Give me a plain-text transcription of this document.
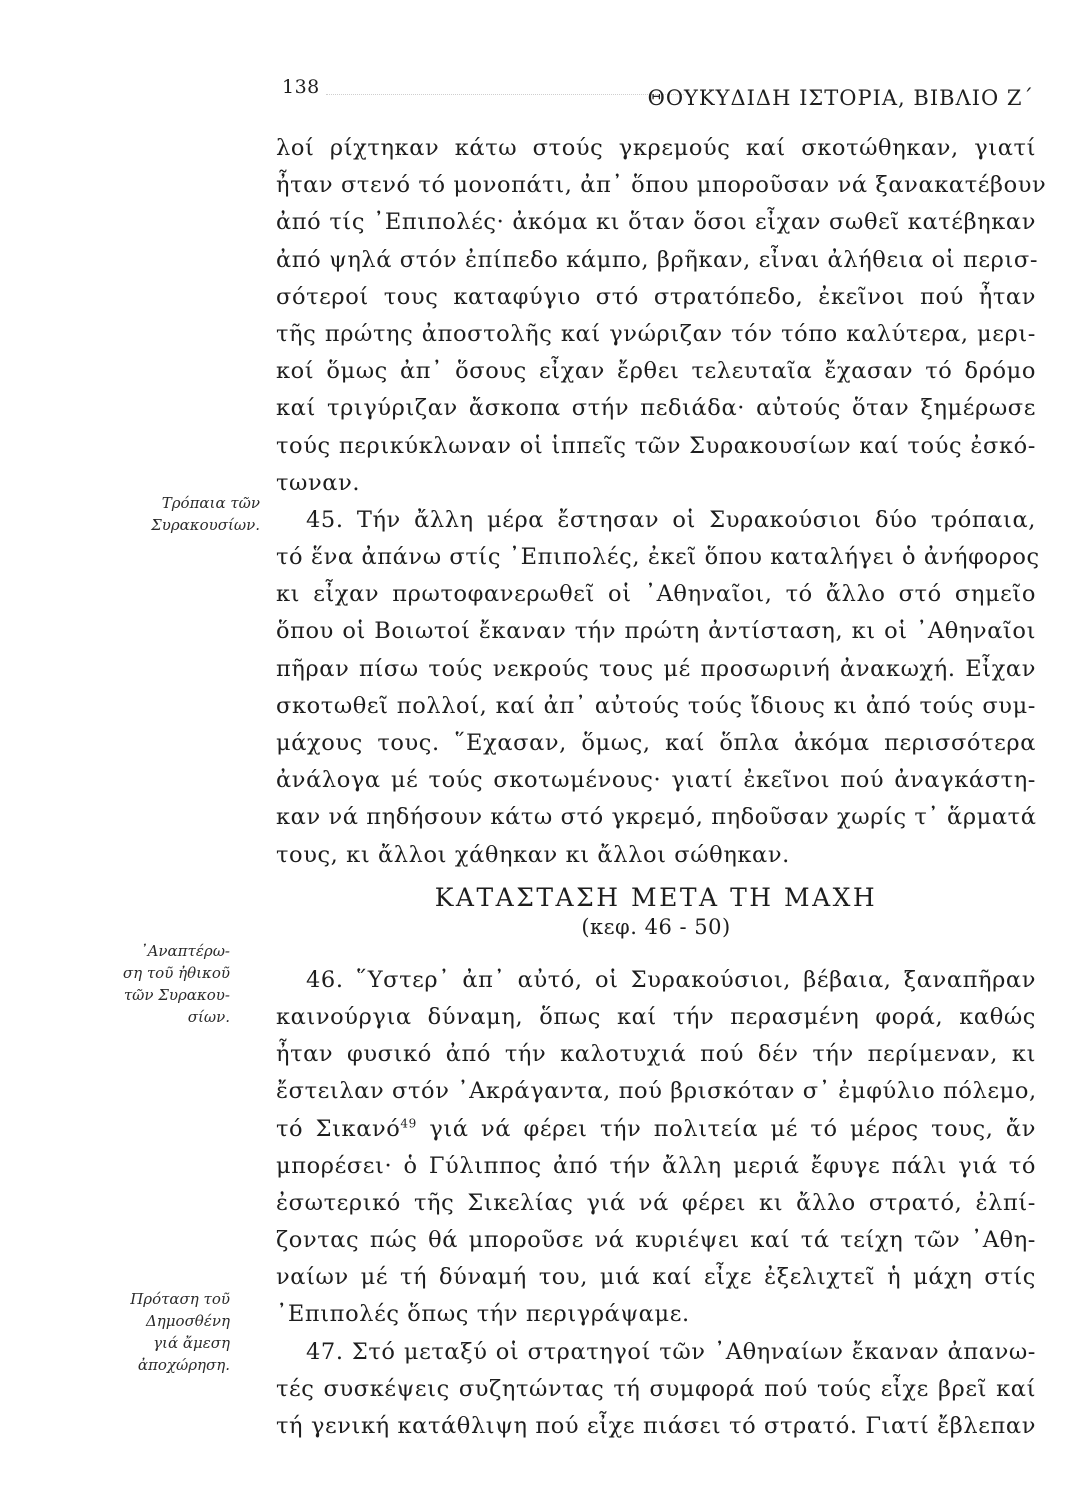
138	ΘΟΥΚΥΔΙΔΗ ΙΣΤΟΡΙΑ, ΒΙΒΛΙΟ Ζ΄
Τρόπαια τῶν
Συρακουσίων.
᾿Αναπτέρω-
ση τοῦ ἠθικοῦ
τῶν Συρακου-
σίων.
Πρόταση τοῦ
Δημοσθένη
γιά ἄμεση
ἀποχώρηση.
λοί ρίχτηκαν κάτω στούς γκρεμούς καί σκοτώθηκαν, γιατί
ἦταν στενό τό μονοπάτι, ἀπ᾿ ὅπου μποροῦσαν νά ξανακατέβουν
ἀπό τίς ᾿Επιπολές· ἀκόμα κι ὅταν ὅσοι εἶχαν σωθεῖ κατέβηκαν
ἀπό ψηλά στόν ἐπίπεδο κάμπο, βρῆκαν, εἶναι ἀλήθεια οἱ περισ-
σότεροί τους καταφύγιο στό στρατόπεδο, ἐκεῖνοι πού ἦταν
τῆς πρώτης ἀποστολῆς καί γνώριζαν τόν τόπο καλύτερα, μερι-
κοί ὅμως ἀπ᾿ ὅσους εἶχαν ἔρθει τελευταῖα ἔχασαν τό δρόμο
καί τριγύριζαν ἄσκοπα στήν πεδιάδα· αὐτούς ὅταν ξημέρωσε
τούς περικύκλωναν οἱ ἱππεῖς τῶν Συρακουσίων καί τούς ἐσκό-
τωναν.
45. Τήν ἄλλη μέρα ἔστησαν οἱ Συρακούσιοι δύο τρόπαια,
τό ἕνα ἀπάνω στίς ᾿Επιπολές, ἐκεῖ ὅπου καταλήγει ὁ ἀνήφορος
κι εἶχαν πρωτοφανερωθεῖ οἱ ᾿Αθηναῖοι, τό ἄλλο στό σημεῖο
ὅπου οἱ Βοιωτοί ἔκαναν τήν πρώτη ἀντίσταση, κι οἱ ᾿Αθηναῖοι
πῆραν πίσω τούς νεκρούς τους μέ προσωρινή ἀνακωχή. Εἶχαν
σκοτωθεῖ πολλοί, καί ἀπ᾿ αὐτούς τούς ἴδιους κι ἀπό τούς συμ-
μάχους τους. ῞Εχασαν, ὅμως, καί ὅπλα ἀκόμα περισσότερα
ἀνάλογα μέ τούς σκοτωμένους· γιατί ἐκεῖνοι πού ἀναγκάστη-
καν νά πηδήσουν κάτω στό γκρεμό, πηδοῦσαν χωρίς τ᾿ ἅρματά
τους, κι ἄλλοι χάθηκαν κι ἄλλοι σώθηκαν.
ΚΑΤΑΣΤΑΣΗ ΜΕΤΑ ΤΗ ΜΑΧΗ
(κεφ. 46 - 50)
46. ῞Υστερ᾿ ἀπ᾿ αὐτό, οἱ Συρακούσιοι, βέβαια, ξαναπῆραν
καινούργια δύναμη, ὅπως καί τήν περασμένη φορά, καθώς
ἦταν φυσικό ἀπό τήν καλοτυχιά πού δέν τήν περίμεναν, κι
ἔστειλαν στόν ᾿Ακράγαντα, πού βρισκόταν σ᾿ ἐμφύλιο πόλεμο,
τό Σικανό$^{49}$ γιά νά φέρει τήν πολιτεία μέ τό μέρος τους, ἄν
μπορέσει· ὁ Γύλιππος ἀπό τήν ἄλλη μεριά ἔφυγε πάλι γιά τό
ἐσωτερικό τῆς Σικελίας γιά νά φέρει κι ἄλλο στρατό, ἐλπί-
ζοντας πώς θά μποροῦσε νά κυριέψει καί τά τείχη τῶν ᾿Αθη-
ναίων μέ τή δύναμή του, μιά καί εἶχε ἐξελιχτεῖ ἡ μάχη στίς
᾿Επιπολές ὅπως τήν περιγράψαμε.
47. Στό μεταξύ οἱ στρατηγοί τῶν ᾿Αθηναίων ἔκαναν ἀπανω-
τές συσκέψεις συζητώντας τή συμφορά πού τούς εἶχε βρεῖ καί
τή γενική κατάθλιψη πού εἶχε πιάσει τό στρατό. Γιατί ἔβλεπαν
